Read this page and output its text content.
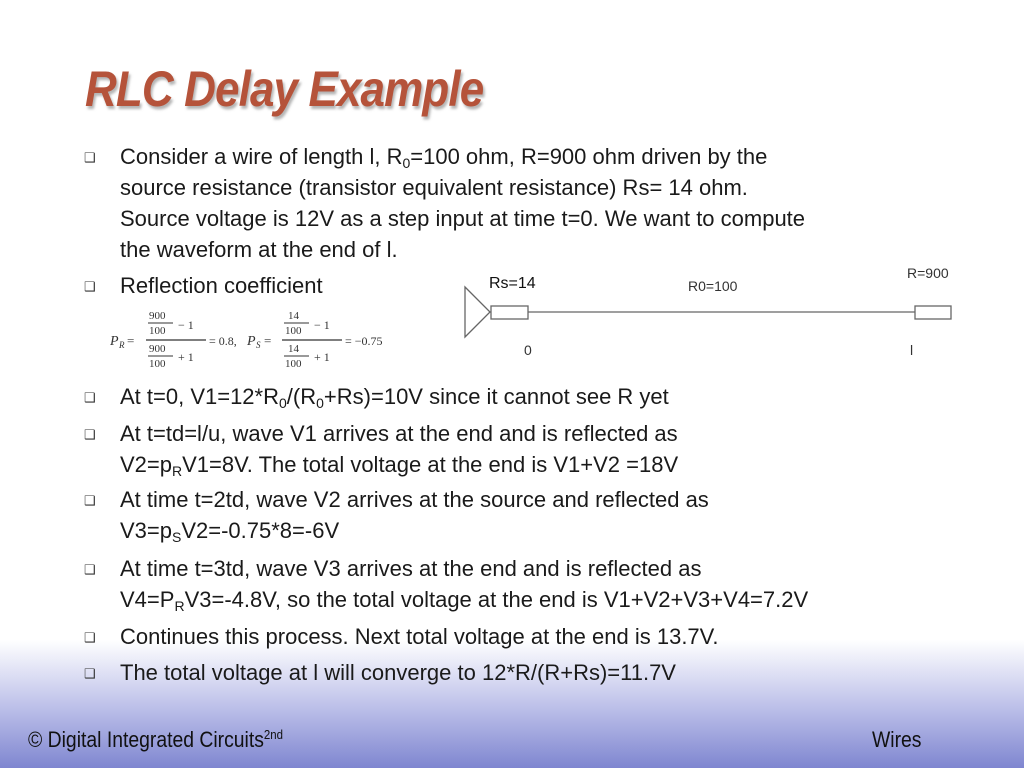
RLC Delay Example
❑
❑
❑
❑
❑
❑
❑
❑
Consider a wire of length l, $R_0=100$ ohm, R=900 ohm driven by the
source resistance (transistor equivalent resistance) Rs= 14 ohm.
Source voltage is 12V as a step input at time t=0. We want to compute
the waveform at the end of l.
Reflection coefficient
At t=0, $V1=12*R_0/(R_0+Rs)=10V$ since it cannot see R yet
At t=td=l/u, wave V1 arrives at the end and is reflected as
$V2=p_RV1=8V$. The total voltage at the end is V1+V2 =18V
At time t=2td, wave V2 arrives at the source and reflected as
$V3=p_SV2=-0.75*8=-6V$
At time t=3td, wave V3 arrives at the end and is reflected as
$V4=P_RV3=-4.8V$, so the total voltage at the end is V1+V2+V3+V4=7.2V
Continues this process. Next total voltage at the end is 13.7V.
The total voltage at l will converge to 12*R/(R+Rs)=11.7V
P R =
900
100 − 1
900
100 + 1
= 0.8, P S =
14
100 − 1
14
100 + 1
= −0.75
Rs=14	R0=100
R=900
0	l
© Digital Integrated Circuits$^{2nd}$	Wires
